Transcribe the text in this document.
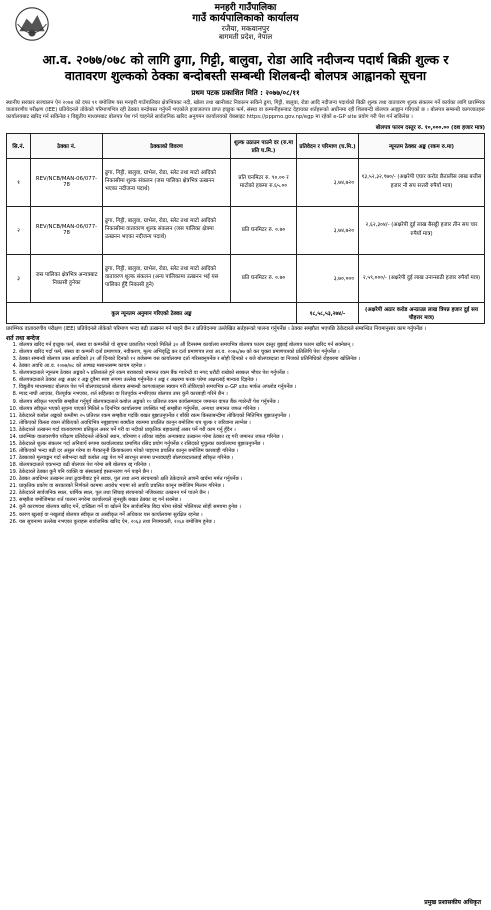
मनहरी गाउँपालिका
गाउँ कार्यपालिकाको कार्यालय
रजैया, मकवानपुर
बागमती प्रदेश, नेपाल
आ.व. २०७७/०७८ को लागि ढुगा, गिट्टी, बालुवा, रोडा आदि नदीजन्य पदार्थ बिक्री शुल्क र
वातावरण शुल्कको ठेक्का बन्दोबस्ती सम्बन्धी शिलबन्दी बोलपत्र आह्वानको सूचना
प्रथम पटक प्रकाशित मिति : २०७७/०८/११
स्थानीय सरकार सञ्चालन ऐन २०७४ को दफा ११ बमोजिम यस मनहरी गाउँपालिका क्षेत्रभित्रका नदी, खोला तथा खानीबाट निकाल्न सकिने ढुगा, गिट्टी, बालुवा, रोडा आदि नदीजन्य पदार्थको बिक्री शुल्क तथा वातावरण शुल्क संकलन गर्ने कार्यका लागि प्रारम्भिक वातावरणीय परीक्षण (IEE) प्रतिवेदनले तोकेको परिमाणभित्र रही ठेक्का बन्दोबस्त गर्नुपर्ने भएकोले इजाजतपत्र प्राप्त इच्छुक फर्म, संस्था वा कम्पनीहरूबाट देहायका शर्तहरूको अधीनमा रही शिलबन्दी बोलपत्र आह्वान गरिएको छ । बोलपत्र सम्बन्धी कागजातहरू कार्यालयबाट खरिद गर्न सकिनेछ र विद्युतीय माध्यमबाट बोलपत्र पेश गर्न चाहनेले सार्वजनिक खरिद अनुगमन कार्यालयको वेबसाइट https://pppmo.gov.np/egp मा रहेको e-GP site प्रयोग गरी पेश गर्न सकिनेछ ।
बोलपत्र फारम दस्तुर रु. १०,०००.०० (दश हजार मात्र)
सि.नं.	ठेक्का नं.	ठेक्काको विवरण	शुल्क उठाउन पाउने दर (रु.मा प्रति घ.मि.)	प्रतिवेदन र परिमाण (घ.मि.)	न्यूनतम ठेक्का अङ्क (रकम रु.मा)
१	REV/NCB/MAN-06/077-78	ढुगा, गिट्टी, बालुवा, ग्राभेल, रोडा, स्लेट तथा माटो आदिको निकासीमा शुल्क संकलन (जस पालिका क्षेत्रभित्र उत्खनन भएका नदीजन्य पदार्थ)	प्रति घनमिटर रु. ९०.०० र माटोको हकमा रु.६५.००	३,७४,७२०	१३,५२,३२,९७०/- (अक्षरेपी एघार करोड छैतालीस लाख बत्तीस हजार नौ सय सत्तरी रुपैयाँ मात्र)
२	REV/NCB/MAN-06/077-78	ढुगा, गिट्टी, बालुवा, ग्राभेल, रोडा, स्लेट तथा माटो आदिको निकासीमा वातावरण शुल्क संकलन (जस पालिका क्षेत्रमा उत्खनन भएका नदीजन्य पदार्थ)	प्रति घनमिटर रु. ०.७०	३,७४,७२०	२,६२,३०४/- (अक्षरेपी दुई लाख बैसट्ठी हजार तीन सय चार रुपैयाँ मात्र)
३	जस पालिका क्षेत्रभित्र अन्यत्रबाट निकासी हुनेका	ढुगा, गिट्टी, बालुवा, ग्राभेल, रोडा, स्लेट तथा माटो आदिको वातावरण शुल्क संकलन (अन्य पालिकामा उत्खनन भई यस पालिका हुँदै निकासी हुने)	प्रति घनमिटर रु. ०.७०	३,७०,०००	२,५९,०००/- (अक्षरेपी दुई लाख उनान्साठी हजार रुपैयाँ मात्र)
कुल न्यूनतम अनुमान गरिएको ठेक्का अङ्क				१८,५८,५३,२७४/-	(अक्षरेपी अठार करोड अन्ठाउन्न लाख त्रिपन्न हजार दुई सय चौहत्तर मात्र)
प्रारम्भिक वातावरणीय परीक्षण (IEE) प्रतिवेदनले तोकेको परिमाण भन्दा बढी उत्खनन गर्न पाइने छैन र प्रतिवेदनमा उल्लेखित सर्तहरूको पालना गर्नुपर्नेछ । ठेक्का सम्झौता भएपछि ठेकेदारले सम्बन्धित नियमानुसार काम गर्नुपर्नेछ ।
शर्त तथा बन्देज
1. बोलपत्र खरिद गर्न इच्छुक फर्म, संस्था वा कम्पनीले यो सूचना प्रकाशित भएको मितिले ३० औं दिनसम्म कार्यालय समयभित्र बोलपत्र फारम दस्तुर बुझाई बोलपत्र फारम खरिद गर्न सक्नेछन् ।
2. बोलपत्र खरिद गर्दा फर्म, संस्था वा कम्पनी दर्ता प्रमाणपत्र, नवीकरण, मूल्य अभिवृद्धि कर दर्ता प्रमाणपत्र तथा आ.व. २०७६/७७ को कर चुक्ता प्रमाणपत्रको प्रतिलिपि पेश गर्नुपर्नेछ ।
3. ठेक्का सम्बन्धी बोलपत्र उक्त अवधिको ३१ औं दिनको दिनको १२ बजेसम्म यस कार्यालयमा दर्ता गरिसक्नुपर्नेछ र सोही दिनको २ बजे बोलपत्रदाता वा निजको प्रतिनिधिको रोहबरमा खोलिनेछ ।
4. ठेक्का अवधि आ.व. २०७७/७८ को आषाढ मसान्तसम्म कायम रहनेछ ।
5. बोलपत्रदाताले न्यूनतम ठेक्का अङ्कको ५ प्रतिशतले हुने रकम बराबरको जमानत रकम बैंक ग्यारेन्टी वा नगद धरौटी राखेको सक्कल भौचर पेश गर्नुपर्नेछ ।
6. बोलपत्रदाताले ठेक्का अङ्क अक्षर र अङ्क दुवैमा स्पष्ट रूपमा उल्लेख गर्नुपर्नेछ र अङ्क र अक्षरमा फरक परेमा अक्षरलाई मान्यता दिइनेछ ।
7. विद्युतीय माध्यमबाट बोलपत्र पेश गर्ने बोलपत्रदाताले बोलपत्र सम्बन्धी कागजातहरू स्क्यान गरी तोकिएको समयभित्र e-GP site मार्फत अपलोड गर्नुपर्नेछ ।
8. म्याद नाघी आएका, रीतपूर्वक नभएका, शर्त सहितका वा रितपूर्वक नभरिएका बोलपत्र उपर कुनै कारबाही गरिने छैन ।
9. बोलपत्र स्वीकृत भएपछि सम्झौता गर्नुपूर्व बोलपत्रदाताले कबोल अङ्कको १० प्रतिशत रकम कार्यसम्पादन जमानत वापत बैंक ग्यारेन्टी पेश गर्नुपर्नेछ ।
10. बोलपत्र स्वीकृत भएको सूचना पाएको मितिले ७ दिनभित्र कार्यालयमा उपस्थित भई सम्झौता गर्नुपर्नेछ, अन्यथा जमानत जफत गरिनेछ ।
11. ठेकेदारले कबोल अङ्कको कम्तीमा २५ प्रतिशत रकम सम्झौता गर्दाकै बखत बुझाउनुपर्नेछ र बाँकी रकम किस्ताबन्दीमा तोकिएको मितिभित्र बुझाउनुपर्नेछ ।
12. तोकिएको किस्ता रकम तोकिएको अवधिभित्र नबुझाएमा बक्यौता रकममा प्रचलित कानून बमोजिम थप शुल्क र जरिवाना लाग्नेछ ।
13. ठेकेदारले उत्खनन गर्दा वातावरणमा प्रतिकूल असर पर्ने गरी वा नदीको प्राकृतिक बहावलाई असर पर्ने गरी काम गर्नु हुँदैन ।
14. प्रारम्भिक वातावरणीय परीक्षण प्रतिवेदनले तोकेको स्थान, परिमाण र तरिका बाहेक अन्यत्रबाट उत्खनन गरेमा ठेक्का रद्द गरी जमानत जफत गरिनेछ ।
15. ठेकेदारले शुल्क संकलन गर्दा अनिवार्य रूपमा कार्यालयबाट प्रमाणित रसिद प्रयोग गर्नुपर्नेछ र रसिदको मुचुल्का कार्यालयमा बुझाउनुपर्नेछ ।
16. तोकिएको भन्दा बढी दर असुल गरेमा वा गैरकानूनी क्रियाकलाप गरेको पाइएमा प्रचलित कानून बमोजिम कारबाही गरिनेछ ।
17. ठेक्काको मूल्याङ्कन गर्दा सबैभन्दा बढी कबोल अङ्क पेश गर्ने सारभूत रूपमा प्रभावग्राही बोलपत्रदातालाई स्वीकृत गरिनेछ ।
18. बोलपत्रदाताले एकभन्दा बढी बोलपत्र पेश गरेमा सबै बोलपत्र रद्द गरिनेछ ।
19. ठेकेदारले ठेक्का कुनै पनि व्यक्ति वा संस्थालाई हस्तान्तरण गर्न पाइने छैन ।
20. ठेक्का अवधिभर उत्खनन तथा ढुवानीबाट हुने सडक, पुल तथा अन्य संरचनाको क्षति ठेकेदारले आफ्नै खर्चमा मर्मत गर्नुपर्नेछ ।
21. प्राकृतिक प्रकोप वा सरकारको निर्णयले काममा अवरोध भएमा सो अवधि प्रचलित कानून बमोजिम मिलान गरिनेछ ।
22. ठेकेदारले सार्वजनिक स्थल, धार्मिक स्थल, पुल तथा सिंचाइ संरचनाको नजिकबाट उत्खनन गर्न पाउने छैन ।
23. सम्झौता बमोजिमका शर्त पालना नगरेमा कार्यालयले जुनसुकै बखत ठेक्का रद्द गर्न सक्नेछ ।
24. कुनै कारणवश बोलपत्र खरिद गर्ने, दाखिला गर्ने वा खोल्ने दिन सार्वजनिक बिदा परेमा सोको भोलिपल्ट सोही समयमा हुनेछ ।
25. कारण खुलाई वा नखुलाई बोलपत्र स्वीकृत वा अस्वीकृत गर्ने अधिकार यस कार्यालयमा सुरक्षित रहनेछ ।
26. यस सूचनामा उल्लेख नभएका कुराहरू सार्वजनिक खरिद ऐन, २०६३ तथा नियमावली, २०६४ बमोजिम हुनेछ ।
प्रमुख प्रशासकीय अधिकृत
